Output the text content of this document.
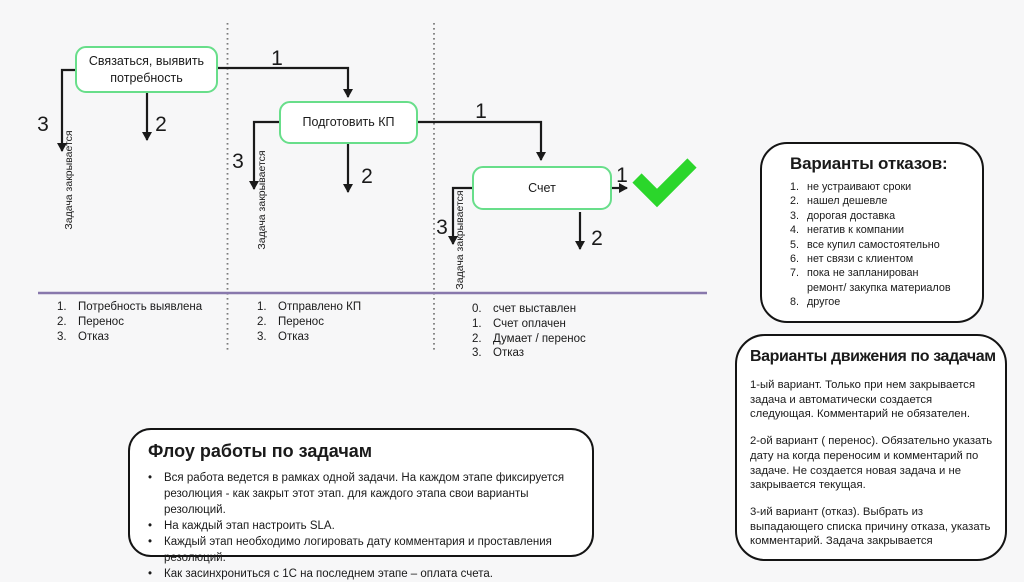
Связаться, выявить потребность
Подготовить КП
Счет
1
2
3
1
2
3
1
2
3
Задача закрывается	Задача закрывается	Задача закрывается
1. Потребность выявлена
2. Перенос
3. Отказ
1. Отправлено КП
2. Перенос
3. Отказ
0. счет выставлен
1. Счет оплачен
2. Думает / перенос
3. Отказ
Варианты отказов:
1. не устраивают сроки
2. нашел дешевле
3. дорогая доставка
4. негатив к компании
5. все купил самостоятельно
6. нет связи с клиентом
7. пока не запланирован ремонт/ закупка материалов
8. другое
Варианты движения по задачам

1-ый вариант. Только при нем закрывается задача и автоматически создается следующая. Комментарий не обязателен.

2-ой вариант ( перенос). Обязательно указать дату на когда переносим и комментарий по задаче. Не создается новая задача и не закрывается текущая.

3-ий вариант (отказ). Выбрать из выпадающего списка причину отказа, указать комментарий. Задача закрывается

Флоу работы по задачам
•
Вся работа ведется в рамках одной задачи. На каждом этапе фиксируется резолюция - как закрыт этот этап. для каждого этапа свои варианты резолюций.
•
На каждый этап настроить SLA.
•
Каждый этап необходимо логировать дату комментария и проставления резолюций.
•
Как засинхрониться с 1С на последнем этапе – оплата счета.
